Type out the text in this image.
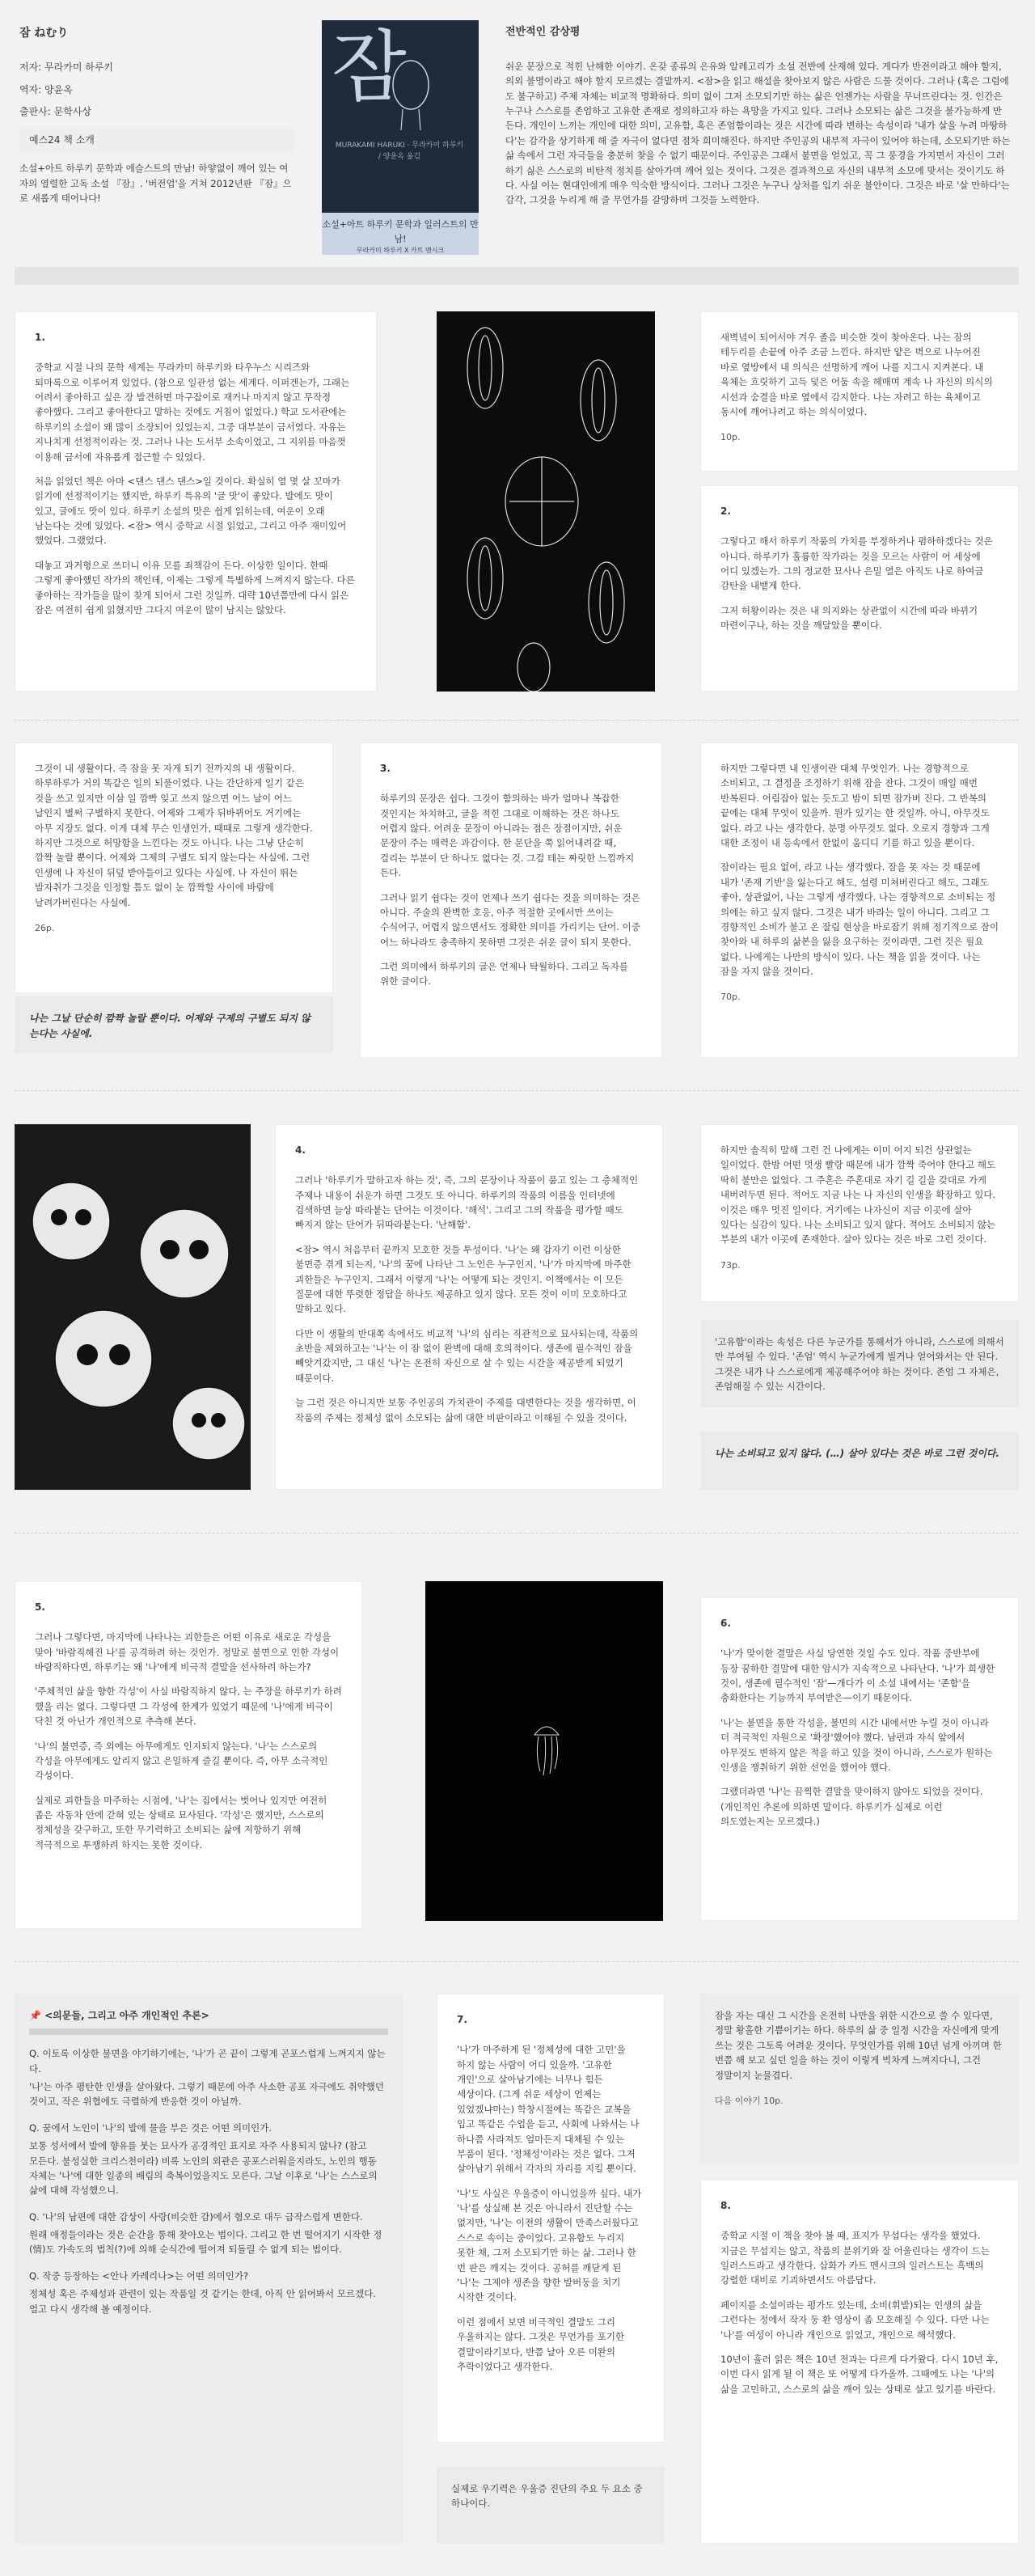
잠 ねむり
저자: 무라카미 하루키
역자: 양윤옥
출판사: 문학사상
예스24 책 소개
소설+아트 하루키 문학과 에슬스트의 만남! 하얗없이 깨어 있는 여자의 열렬한 고독 소설 『잠』. '버전업'을 거쳐 2012년판 『잠』으로 새롭게 태어나다!
잠
MURAKAMI HARUKI · 무라카미 하루키 / 양윤옥 옮김
소설+아트 하루키 문학과 일러스트의 만남!
무라카미 하루키 X 카트 멘시크
전반적인 감상평
쉬운 문장으로 적힌 난해한 이야기. 온갖 종류의 은유와 알레고리가 소설 전반에 산재해 있다. 게다가 반전이라고 해야 할지, 의외 불명이라고 해야 할지 모르겠는 결말까지. <잠>을 읽고 해설을 찾아보지 않은 사람은 드물 것이다. 그러나 (혹은 그럼에도 불구하고) 주제 자체는 비교적 명확하다. 의미 없이 그저 소모되기만 하는 삶은 언젠가는 사람을 무너뜨린다는 것. 인간은 누구나 스스로를 존엄하고 고유한 존재로 정의하고자 하는 욕망을 가지고 있다. 그러나 소모되는 삶은 그것을 불가능하게 만든다. 개인이 느끼는 개인에 대한 의미, 고유함, 혹은 존엄함이라는 것은 시간에 따라 변하는 속성이라 '내가 살을 누려 마땅하다'는 감각을 상기하게 해 줄 자극이 없다면 점차 희미해진다. 하지만 주인공의 내부적 자극이 있어야 하는데, 소모되기만 하는 삶 속에서 그런 자극들을 충분히 찾을 수 없기 때문이다. 주인공은 그래서 불면을 얻었고, 꼭 그 풍경을 가지면서 자신이 그러하기 싫은 스스로의 비탄적 정치를 살아가며 깨어 있는 것이다. 그것은 결과적으로 자신의 내부적 소모에 맞서는 것이기도 하다. 사실 이는 현대인에게 매우 익숙한 방식이다. 그러나 그것은 누구나 상처를 입기 쉬운 불안이다. 그것은 바로 '살 만하다'는 감각, 그것을 누리게 해 줄 무언가를 갈망하며 그것들 노력한다.
1.

중학교 시절 나의 문학 세계는 무라카미 하루키와 타우누스 시리즈와 퇴마록으로 이루어져 있었다. (참으로 일관성 없는 세계다. 이퍼겐는가, 그래는 어려서 좋아하고 싶은 장 발견하면 마구잡이로 재커나 마지지 않고 무작정 좋아했다. 그리고 좋아한다고 말하는 것에도 거침이 없었다.) 학교 도서관에는 하루키의 소설이 왜 많이 소장되어 있었는지, 그중 대부분이 금서였다. 자유는 지나치게 선정적이라는 것. 그러나 나는 도서부 소속이었고, 그 지위를 마음껏 이용해 금서에 자유롭게 접근할 수 있었다.

처음 읽었던 책은 아마 <댄스 댄스 댄스>일 것이다. 확실히 열 몇 살 꼬마가 읽기에 선정적이기는 했지만, 하루키 특유의 '글 맛'이 좋았다. 발에도 맛이 있고, 글에도 맛이 있다. 하루키 소설의 맛은 쉽게 읽히는데, 여운이 오래 남는다는 것에 있었다. <잠> 역시 중학교 시절 읽었고, 그리고 아주 재미있어 했었다. 그랬었다.

대놓고 과거형으로 쓰더니 이유 모를 죄책감이 든다. 이상한 일이다. 한때 그렇게 좋아했던 작가의 책인데, 이제는 그렇게 특별하게 느껴지지 않는다. 다른 좋아하는 작가들을 많이 찾게 되어서 그런 것일까. 대략 10년쯤만에 다시 읽은 잠은 여전히 쉽게 읽혔지만 그다지 여운이 많이 남지는 않았다.

새벽녘이 되어서야 겨우 졸음 비슷한 것이 찾아온다. 나는 잠의 테두리를 손끝에 아주 조금 느낀다. 하지만 얕은 벽으로 나누어진 바로 옆방에서 내 의식은 선명하게 깨어 나를 지그시 지켜본다. 내 육체는 흐릿하기 고득 덫은 어둠 속을 헤매며 계속 나 자신의 의식의 시선과 숨결을 바로 옆에서 감지한다. 나는 자려고 하는 육체이고 동시에 깨어나려고 하는 의식이었다.

10p.
2.

그렇다고 해서 하루키 작품의 가치를 부정하거나 폄하하겠다는 것은 아니다. 하루키가 훌륭한 작가라는 것을 모르는 사람이 어 세상에 어디 있겠는가. 그의 정교한 묘사나 은밀 열은 아직도 나로 하여금 감탄을 내뱉게 한다.

그저 허황이라는 것은 내 의지와는 상관없이 시간에 따라 바뀌기 마련이구나, 하는 것을 깨달았을 뿐이다.

그것이 내 생활이다. 즉 잠을 못 자게 되기 전까지의 내 생활이다. 하루하루가 거의 똑같은 일의 되풀이였다. 나는 간단하게 일기 같은 것을 쓰고 있지만 이삼 일 깜빡 잊고 쓰지 않으면 어느 날이 어느 날인지 별써 구별하지 못한다. 어제와 그제가 뒤바뀌어도 거기에는 아무 지장도 없다. 이게 대체 무슨 인생인가, 때때로 그렇게 생각한다. 하지만 그것으로 허망함을 느낀다는 것도 아니다. 나는 그냥 단순히 깜짝 놀랄 뿐이다. 어제와 그제의 구별도 되지 않는다는 사실에. 그런 인생에 나 자신이 뒤덮 받아들이고 있다는 사실에. 나 자신이 뛰는 발자취가 그것을 인정할 틈도 없이 눈 깜짝할 사이에 바람에 날려가버린다는 사실에.

26p.
나는 그날 단순히 깜짝 놀랄 뿐이다. 어제와 구제의 구별도 되지 않는다는 사실에.
3.

하루키의 문장은 쉽다. 그것이 함의하는 바가 얼마나 복잡한 것인지는 차치하고, 글을 적힌 그대로 이해하는 것은 하나도 어렵지 않다. 어려운 문장이 아니라는 점은 장점이지만, 쉬운 문장이 주는 매력은 과감이다. 한 문단을 쭉 읽어내려갈 때, 걸리는 부분이 단 하나도 없다는 것. 그걸 테는 짜릿한 느낌까지 든다.

그러나 읽기 쉽다는 것이 언제나 쓰기 쉽다는 것을 의미하는 것은 아니다. 주술의 완벽한 호응, 아주 적절한 곳에서만 쓰이는 수식어구, 어렵지 않으면서도 정확한 의미를 가리키는 단어. 이중 어느 하나라도 충족하지 못하면 그것은 쉬운 글이 되지 못한다.

그런 의미에서 하루키의 글은 언제나 탁월하다. 그리고 독자를 위한 글이다.

하지만 그렇다면 내 인생이란 대체 무엇인가. 나는 경향적으로 소비되고, 그 결정을 조정하기 위해 잠을 잔다. 그것이 매일 매번 반복된다. 어림잡아 없는 듯도고 밤이 되면 잠가버 진다. 그 반복의 끝에는 대체 무엇이 있을까. 뭔가 있기는 한 것일까. 아니, 아무것도 없다. 라고 나는 생각한다. 분명 아무것도 없다. 오로지 경향과 그게 대한 조정이 내 등속에서 한없이 움디디 기를 하고 있을 뿐이다.

잠이라는 필요 없어, 라고 나는 생각했다. 잠을 못 자는 것 때문에 내가 '존재 기반'을 잃는다고 해도, 설령 미쳐버린다고 해도, 그래도 좋아, 상관없어, 나는 그렇게 생각했다. 나는 경향적으로 소비되는 정 의에는 하고 싶지 않다. 그것은 내가 바라는 일이 아니다. 그리고 그 경향적인 소비가 불고 온 잘림 현상을 바로잡기 위해 정기적으로 잠이 찾아와 내 하루의 삶본을 잃을 요구하는 것이라면, 그런 것은 필요 없다. 나에게는 나만의 방식이 있다. 나는 책을 읽을 것이다. 나는 잠을 자지 않을 것이다.

70p.
4.

그러나 '하루키가 말하고자 하는 것', 즉, 그의 문장이나 작품이 품고 있는 그 층체적인 주제나 내용이 쉬운가 하면 그것도 또 아니다. 하루키의 작품의 이름을 인터넷에 검색하면 늘상 따라붙는 단어는 이것이다. '해석'. 그리고 그의 작품을 평가할 때도 빠지지 않는 단어가 뒤따라붙는다. '난해함'.

<잠> 역시 처음부터 끝까지 모호한 것들 투성이다. '나'는 왜 갑자기 이런 이상한 불면증 겪게 되는지, '나'의 꿈에 나타난 그 노인은 누구인지, '나'가 마지막에 마주한 괴한들은 누구인지. 그래서 이렇게 '나'는 어떻게 되는 것인지. 이책에서는 이 모든 질문에 대한 뚜렷한 정답을 하나도 제공하고 있지 않다. 모든 것이 이미 모호하다고 말하고 있다.

다만 이 생활의 반대쪽 속에서도 비교적 '나'의 심리는 직관적으로 묘사되는데, 작품의 초반을 제외하고는 '나'는 이 잠 없이 완벽에 대해 호의적이다. 생존에 필수적인 잠을 빼앗겨갔지만, 그 대신 '나'는 온전히 자신으로 살 수 있는 시간을 제공받게 되었기 때문이다.

늘 그런 것은 아니지만 보통 주인공의 가치관이 주제를 대변한다는 것을 생각하면, 이 작품의 주제는 정체성 없이 소모되는 삶에 대한 비판이라고 이해될 수 있을 것이다.

하지만 솔직히 말해 그런 건 나에게는 이미 어지 되건 상관없는 일이었다. 한밤 어떤 멋생 빨랑 때문에 내가 깜짝 죽어야 한다고 해도 딱히 불만은 없었다. 그 주혼은 주혼대로 자기 길 길을 갖대로 가게 내버려두면 된다. 적어도 지금 나는 나 자신의 인생을 확장하고 있다. 이것은 매우 멋진 일이다. 거기에는 나자신이 지금 이곳에 살아 있다는 실감이 있다. 나는 소비되고 있지 않다. 적어도 소비되지 않는 부분의 내가 이곳에 존재한다. 살아 있다는 것은 바로 그런 것이다.

73p.
'고유함'이라는 속성은 다른 누군가를 통해서가 아니라, 스스로에 의해서만 부여될 수 있다. '존엄' 역시 누군가에게 빌거나 얻어와서는 안 된다. 그것은 내가 나 스스로에게 제공해주어야 하는 것이다. 존엄 그 자체은, 존엄해질 수 있는 시간이다.
나는 소비되고 있지 않다. (…) 살아 있다는 것은 바로 그런 것이다.
5.

그러나 그렇다면, 마지막에 나타나는 괴한들은 어떤 이유로 새로운 각성을 맞아 '바람직해진 나'를 공격하려 하는 것인가. 정말로 불면으로 인한 각성이 바람직하다면, 하루키는 왜 '나'에게 비극적 결말을 선사하려 하는가?

'주체적인 삶을 향한 각성'이 사실 바람직하지 않다, 는 주장을 하루키가 하려 했을 리는 없다. 그렇다면 그 각성에 한계가 있었기 때문에 '나'에게 비극이 닥친 것 아닌가 개인적으로 추측해 본다.

'나'의 불면증, 즉 외에는 아무에게도 인지되지 않는다. '나'는 스스로의 각성을 아무에게도 알리지 않고 은밀하게 즐길 뿐이다. 즉, 아무 소극적인 각성이다.

실제로 괴한들을 마주하는 시점에, '나'는 집에서는 벗어나 있지만 여전히 좁은 자동차 안에 갇혀 있는 상태로 묘사된다. '각성'은 했지만, 스스로의 정체성을 갖구하고, 또한 무기력하고 소비되는 삶에 저항하기 위해 적극적으로 투쟁하려 하지는 못한 것이다.

6.

'나'가 맞이한 결말은 사실 당연한 것일 수도 있다. 작품 중반부에 등장 꿈하한 결말에 대한 암시가 지속적으로 나타난다. '나'가 희생한 것이, 생존에 필수적인 '잠'—개다가 이 소설 내에서는 '존함'을 충화한다는 기능까지 부여받은—이기 때문이다.

'나'는 불면을 통한 각성을, 불면의 시간 내에서만 누릴 것이 아니라 더 적극적인 자원으로 '확장'했어야 했다. 남편과 자식 앞에서 아무것도 변하지 않은 적을 하고 있을 것이 아니라, 스스로가 원하는 인생을 쟁취하기 위한 선언을 했어야 했다.

그랬더라면 '나'는 끔찍한 결말을 맞이하지 않아도 되었을 것이다. (개인적인 추론에 의하면 말이다. 하루키가 실제로 이런 의도였는지는 모르겠다.)

📌 <의문들, 그리고 아주 개인적인 추론>
Q. 이토록 이상한 불면을 야기하기에는, '나'가 곤 끝이 그렇게 곤포스럽게 느껴지지 않는다.

'나'는 아주 평탄한 인생을 살아왔다. 그렇기 때문에 아주 사소한 공포 자극에도 취약했던 것이고, 작은 위협에도 극렬하게 반응한 것이 아닐까.

Q. 꿈에서 노인이 '나'의 발에 물을 부은 것은 어떤 의미인가.

보통 성서에서 발에 향유를 붓는 묘사가 공경적인 표지로 자주 사용되지 않나? (참고 모든다. 불성실한 크리스천이라) 비록 노인의 외관은 공포스러워을지라도, 노인의 행동 자체는 '나'에 대한 일종의 배림의 축복이었을지도 모른다. 그날 이후로 '나'는 스스로의 삶에 대해 각성했으니.

Q. '나'의 남편에 대한 감상이 사랑(비슷한 감)에서 혐오로 대두 급작스럽게 변한다.

원래 애정들이라는 것은 순간을 통해 찾아오는 법이다. 그리고 한 번 떨어지기 시작한 정(情)도 가속도의 법칙(?)에 의해 순식간에 떨어져 되돌릴 수 없게 되는 법이다.

Q. 작중 등장하는 <안나 카레리나>는 어떤 의미인가?

정체성 혹은 주제성과 관련이 있는 작품일 것 같기는 한데, 아직 안 읽어봐서 모르겠다. 얼고 다시 생각해 볼 예정이다.

7.

'나'가 마주하게 된 '정체성에 대한 고민'을 하지 않는 사람이 어디 있을까. '고유한 개인'으로 살아남기에는 너무나 힘든 세상이다. (그게 쉬운 세상이 언제는 있었겠냐마는) 학창시절에는 똑같은 교복을 입고 똑같은 수업을 듣고, 사회에 나와서는 나 하나쯤 사라져도 얼마든지 대체될 수 있는 부품이 된다. '정체성'이라는 것은 없다. 그저 살아남기 위해서 각자의 자리를 지킬 뿐이다.

'나'도 사실은 우울증이 아니었을까 싶다. 내가 '나'를 상실해 본 것은 아니라서 진단할 수는 없지만, '나'는 이전의 생활이 만족스러웠다고 스스로 속이는 중이었다. 고유함도 누리지 못한 채, 그저 소모되기만 하는 삶. 그러나 한 번 판은 깨지는 것이다. 공허를 깨닫게 된 '나'는 그제야 생존을 향한 발버둥을 치기 시작한 것이다.

이런 점에서 보면 비극적인 결말도 그리 우울하지는 않다. 그것은 무언가를 포기한 결말이라기보다, 반쯤 날아 오른 미완의 추락이었다고 생각한다.

실제로 우기력은 우울증 진단의 주요 두 요소 중 하나이다.

잠을 자는 대신 그 시간을 온전히 나만을 위한 시간으로 쓸 수 있다면, 정말 황홀한 기쁨이기는 하다. 하루의 삶 중 일정 시간을 자신에게 맞게 쓰는 것은 그토록 어려운 것이다. 무엇인가를 위해 10년 넘게 아끼며 한 번쯤 해 보고 싶던 일을 하는 것이 이렇게 벅차게 느껴지다니, 그건 정말이지 눈물겹다.

다음 이야기 10p.
8.

중학교 시절 이 책을 찾아 볼 때, 표지가 무섭다는 생각을 했었다. 지금은 무섭지는 않고, 작품의 분위기와 잘 어울린다는 생각이 드는 일러스트라고 생각한다. 삽화가 카트 멘시크의 일러스트는 흑백의 강렬한 대비로 기괴하면서도 아름답다.

페이지를 소설이라는 평가도 있는데, 소비(휘발)되는 인생의 삶을 그런다는 정에서 작자 둥 환 영상이 좀 모호해질 수 있다. 다만 나는 '나'를 여성이 아니라 개인으로 읽었고, 개인으로 해석했다.

10년이 흘러 읽은 책은 10년 전과는 다르게 다가왔다. 다시 10년 후, 이번 다시 읽게 될 이 책은 또 어떻게 다가올까. 그때에도 나는 '나'의 삶을 고민하고, 스스로의 삶을 깨어 있는 상태로 살고 있기를 바란다.
